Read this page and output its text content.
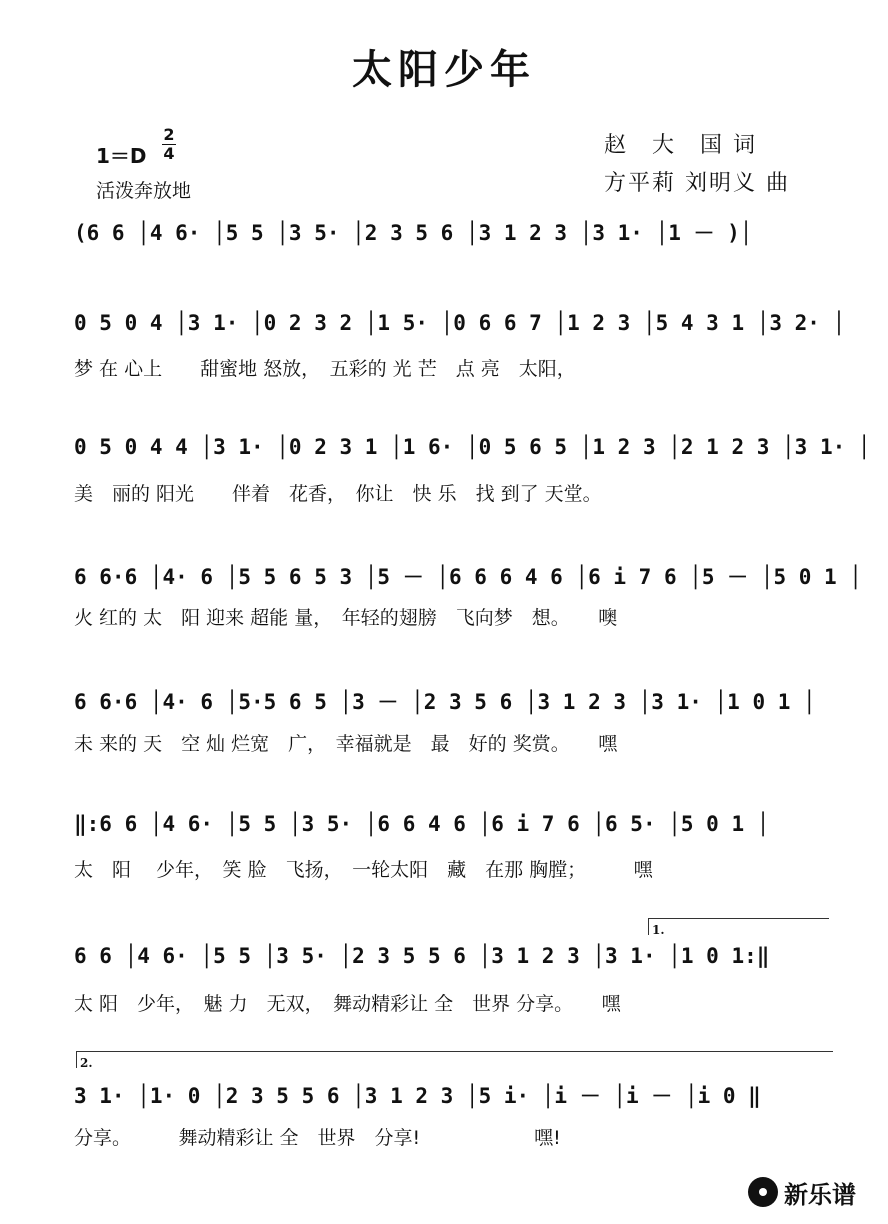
太阳少年
1＝D
2
4
活泼奔放地
赵　大　国 词
方平莉 刘明义 曲
(6 6 │4 6· │5 5 │3 5· │2 3 5 6 │3 1 2 3 │3 1· │1 － )│
0 5 0 4 │3 1· │0 2 3 2 │1 5· │0 6 6 7 │1 2 3 │5 4 3 1 │3 2· │
梦 在 心上　　甜蜜地 怒放，　五彩的 光 芒　点 亮　太阳，
0 5 0 4 4 │3 1· │0 2 3 1 │1 6· │0 5 6 5 │1 2 3 │2 1 2 3 │3 1· │
美　丽的 阳光　　伴着　花香，　你让　快 乐　找 到了 天堂。
6 6·6 │4· 6 │5 5 6 5 3 │5 － │6 6 6 4 6 │6 i 7 6 │5 － │5 0 1 │
火 红的 太　阳 迎来 超能 量，　年轻的翅膀　飞向梦　想。　　噢
6 6·6 │4· 6 │5·5 6 5 │3 － │2 3 5 6 │3 1 2 3 │3 1· │1 0 1 │
未 来的 天　空 灿 烂宽　广，　幸福就是　最　好的 奖赏。　　嘿
‖:6 6 │4 6· │5 5 │3 5· │6 6 4 6 │6 i 7 6 │6 5· │5 0 1 │
太　阳　 少年，　笑 脸　飞扬，　一轮太阳　藏　在那 胸膛；　　　嘿
1.
6 6 │4 6· │5 5 │3 5· │2 3 5 5 6 │3 1 2 3 │3 1· │1 0 1:‖
太 阳　少年，　魅 力　无双，　舞动精彩让 全　世界 分享。　　嘿
2.
3 1· │1· 0 │2 3 5 5 6 │3 1 2 3 │5 i· │i － │i － │i 0 ‖
分享。　　　舞动精彩让 全　世界　分享!　　　　　　嘿!
新乐谱
